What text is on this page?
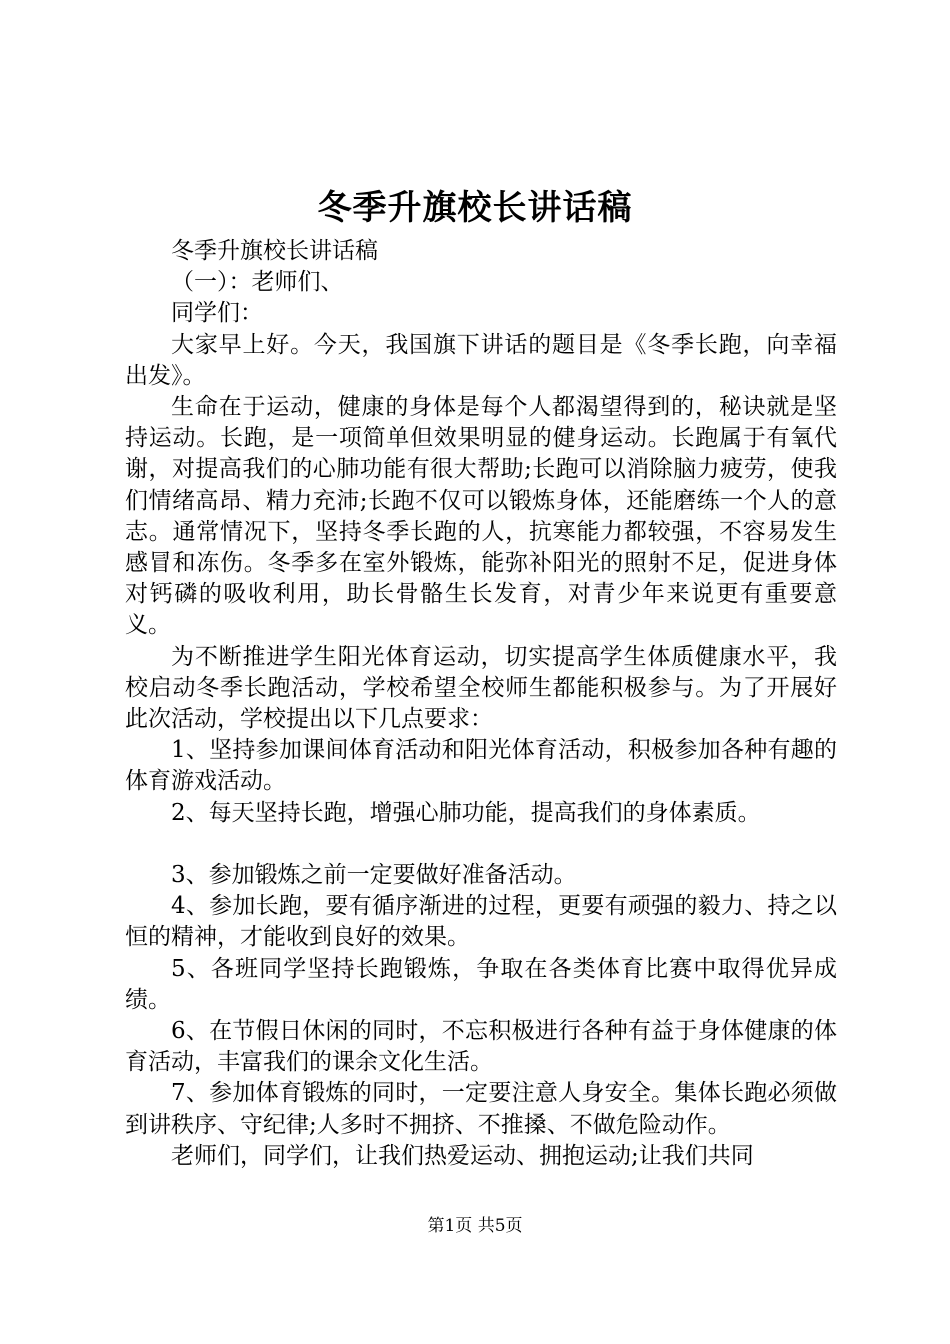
冬季升旗校长讲话稿

冬季升旗校长讲话稿

（一）：老师们、

同学们：

大家早上好。今天，我国旗下讲话的题目是《冬季长跑，向幸福出发》。

生命在于运动，健康的身体是每个人都渴望得到的，秘诀就是坚持运动。长跑，是一项简单但效果明显的健身运动。长跑属于有氧代谢，对提高我们的心肺功能有很大帮助;长跑可以消除脑力疲劳，使我们情绪高昂、精力充沛;长跑不仅可以锻炼身体，还能磨练一个人的意志。通常情况下，坚持冬季长跑的人，抗寒能力都较强，不容易发生感冒和冻伤。冬季多在室外锻炼，能弥补阳光的照射不足，促进身体对钙磷的吸收利用，助长骨骼生长发育，对青少年来说更有重要意义。

为不断推进学生阳光体育运动，切实提高学生体质健康水平，我校启动冬季长跑活动，学校希望全校师生都能积极参与。为了开展好此次活动，学校提出以下几点要求：

1、坚持参加课间体育活动和阳光体育活动，积极参加各种有趣的体育游戏活动。

2、每天坚持长跑，增强心肺功能，提高我们的身体素质。

3、参加锻炼之前一定要做好准备活动。

4、参加长跑，要有循序渐进的过程，更要有顽强的毅力、持之以恒的精神，才能收到良好的效果。

5、各班同学坚持长跑锻炼，争取在各类体育比赛中取得优异成绩。

6、在节假日休闲的同时，不忘积极进行各种有益于身体健康的体育活动，丰富我们的课余文化生活。

7、参加体育锻炼的同时，一定要注意人身安全。集体长跑必须做到讲秩序、守纪律;人多时不拥挤、不推搡、不做危险动作。

老师们，同学们，让我们热爱运动、拥抱运动;让我们共同

第1页 共5页
